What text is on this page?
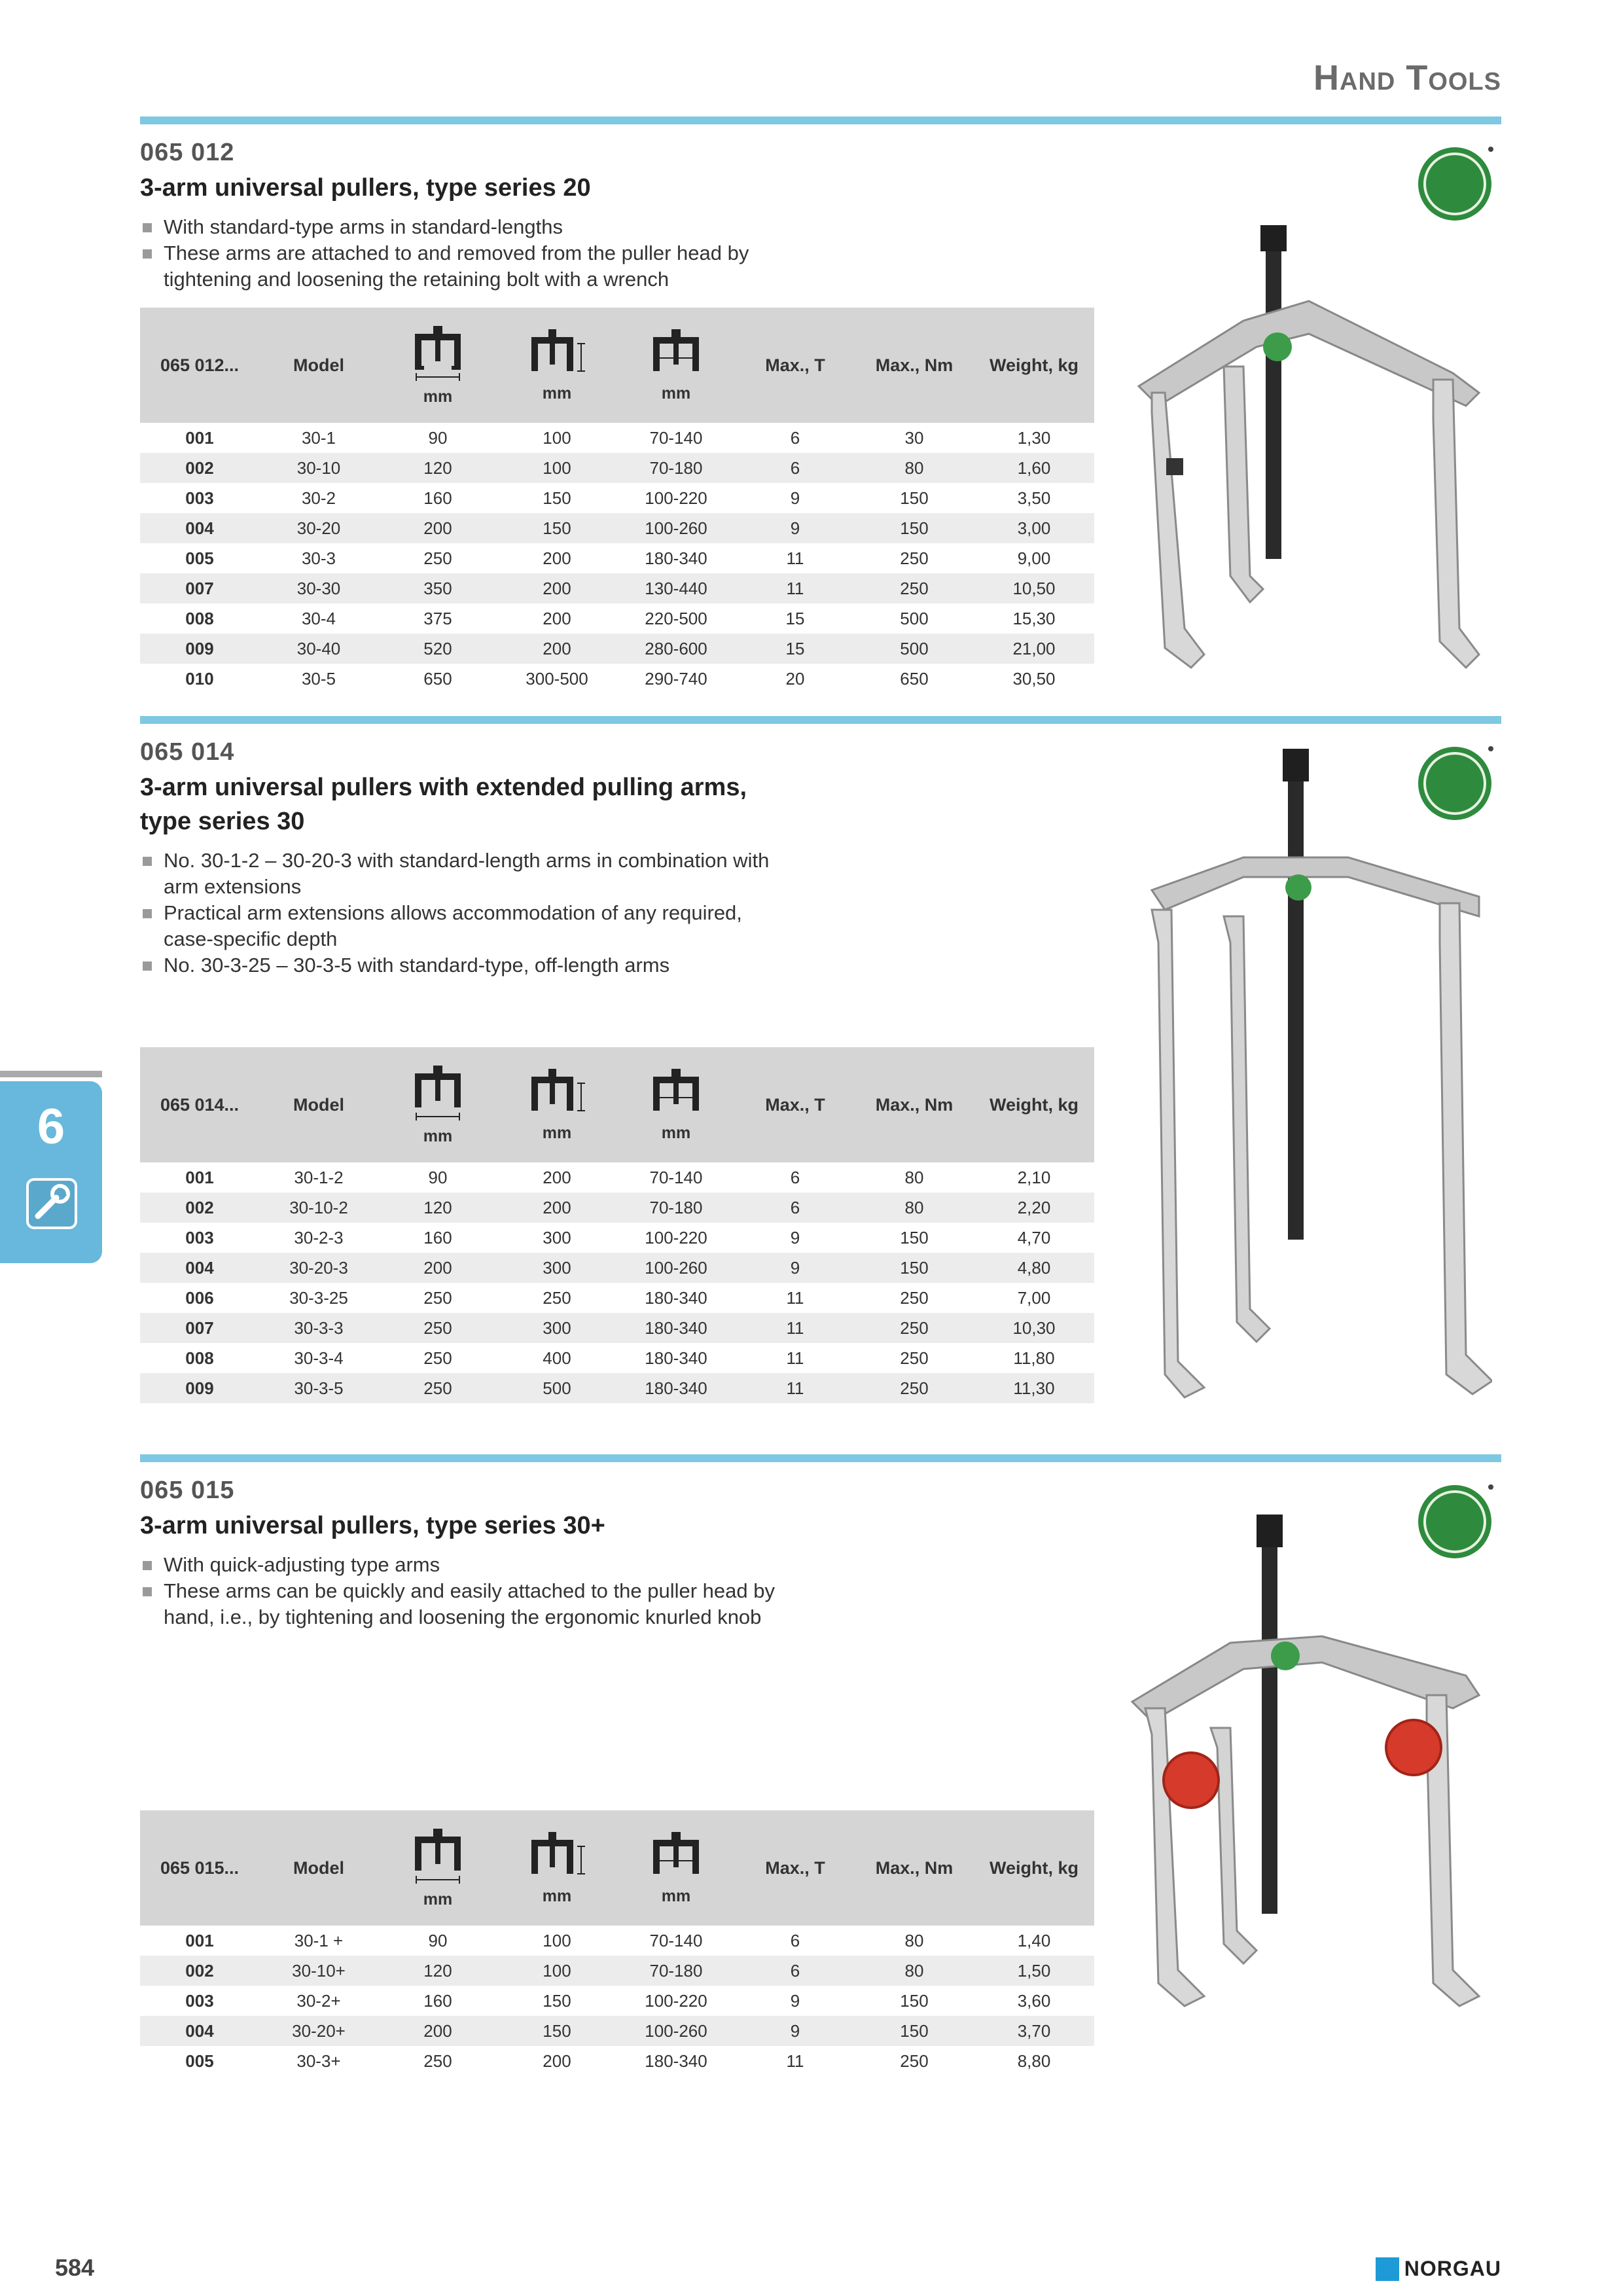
Hand Tools
6
065 012
3-arm universal pullers, type series 20
With standard-type arms in standard-lengths
These arms are attached to and removed from the puller head by tightening and loosening the retaining bolt with a wrench
065 012...	Model	mm	mm	mm	Max., T	Max., Nm	Weight, kg
001	30-1	90	100	70-140	6	30	1,30
002	30-10	120	100	70-180	6	80	1,60
003	30-2	160	150	100-220	9	150	3,50
004	30-20	200	150	100-260	9	150	3,00
005	30-3	250	200	180-340	11	250	9,00
007	30-30	350	200	130-440	11	250	10,50
008	30-4	375	200	220-500	15	500	15,30
009	30-40	520	200	280-600	15	500	21,00
010	30-5	650	300-500	290-740	20	650	30,50
065 014
3-arm universal pullers with extended pulling arms, type series 30
No. 30-1-2 – 30-20-3 with standard-length arms in combination with arm extensions
Practical arm extensions allows accommodation of any required, case-specific depth
No. 30-3-25 – 30-3-5 with standard-type, off-length arms
065 014...	Model	mm	mm	mm	Max., T	Max., Nm	Weight, kg
001	30-1-2	90	200	70-140	6	80	2,10
002	30-10-2	120	200	70-180	6	80	2,20
003	30-2-3	160	300	100-220	9	150	4,70
004	30-20-3	200	300	100-260	9	150	4,80
006	30-3-25	250	250	180-340	11	250	7,00
007	30-3-3	250	300	180-340	11	250	10,30
008	30-3-4	250	400	180-340	11	250	11,80
009	30-3-5	250	500	180-340	11	250	11,30
065 015
3-arm universal pullers, type series 30+
With quick-adjusting type arms
These arms can be quickly and easily attached to the puller head by hand, i.e., by tightening and loosening the ergonomic knurled knob
065 015...	Model	mm	mm	mm	Max., T	Max., Nm	Weight, kg
001	30-1 +	90	100	70-140	6	80	1,40
002	30-10+	120	100	70-180	6	80	1,50
003	30-2+	160	150	100-220	9	150	3,60
004	30-20+	200	150	100-260	9	150	3,70
005	30-3+	250	200	180-340	11	250	8,80
584	NORGAU
